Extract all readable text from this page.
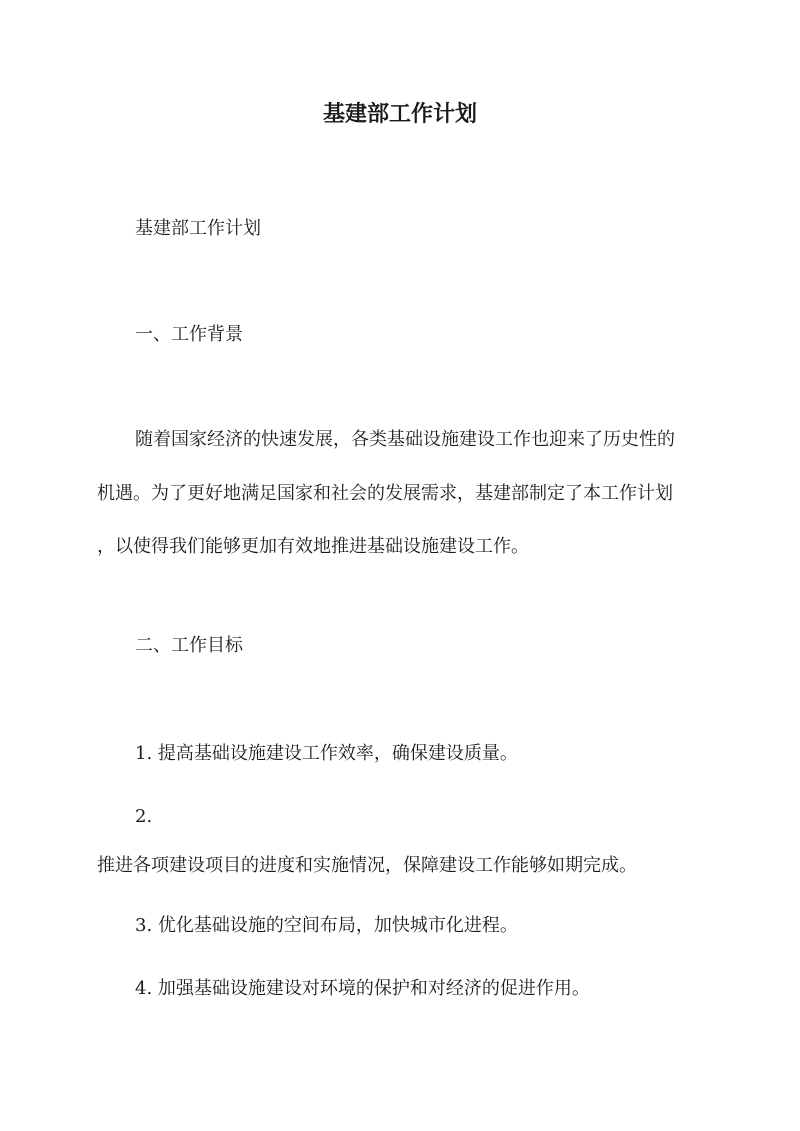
基建部工作计划

基建部工作计划

一、工作背景

随着国家经济的快速发展，各类基础设施建设工作也迎来了历史性的

机遇。为了更好地满足国家和社会的发展需求，基建部制定了本工作计划

，以使得我们能够更加有效地推进基础设施建设工作。

二、工作目标

1. 提高基础设施建设工作效率，确保建设质量。

2.

推进各项建设项目的进度和实施情况，保障建设工作能够如期完成。

3. 优化基础设施的空间布局，加快城市化进程。

4. 加强基础设施建设对环境的保护和对经济的促进作用。
